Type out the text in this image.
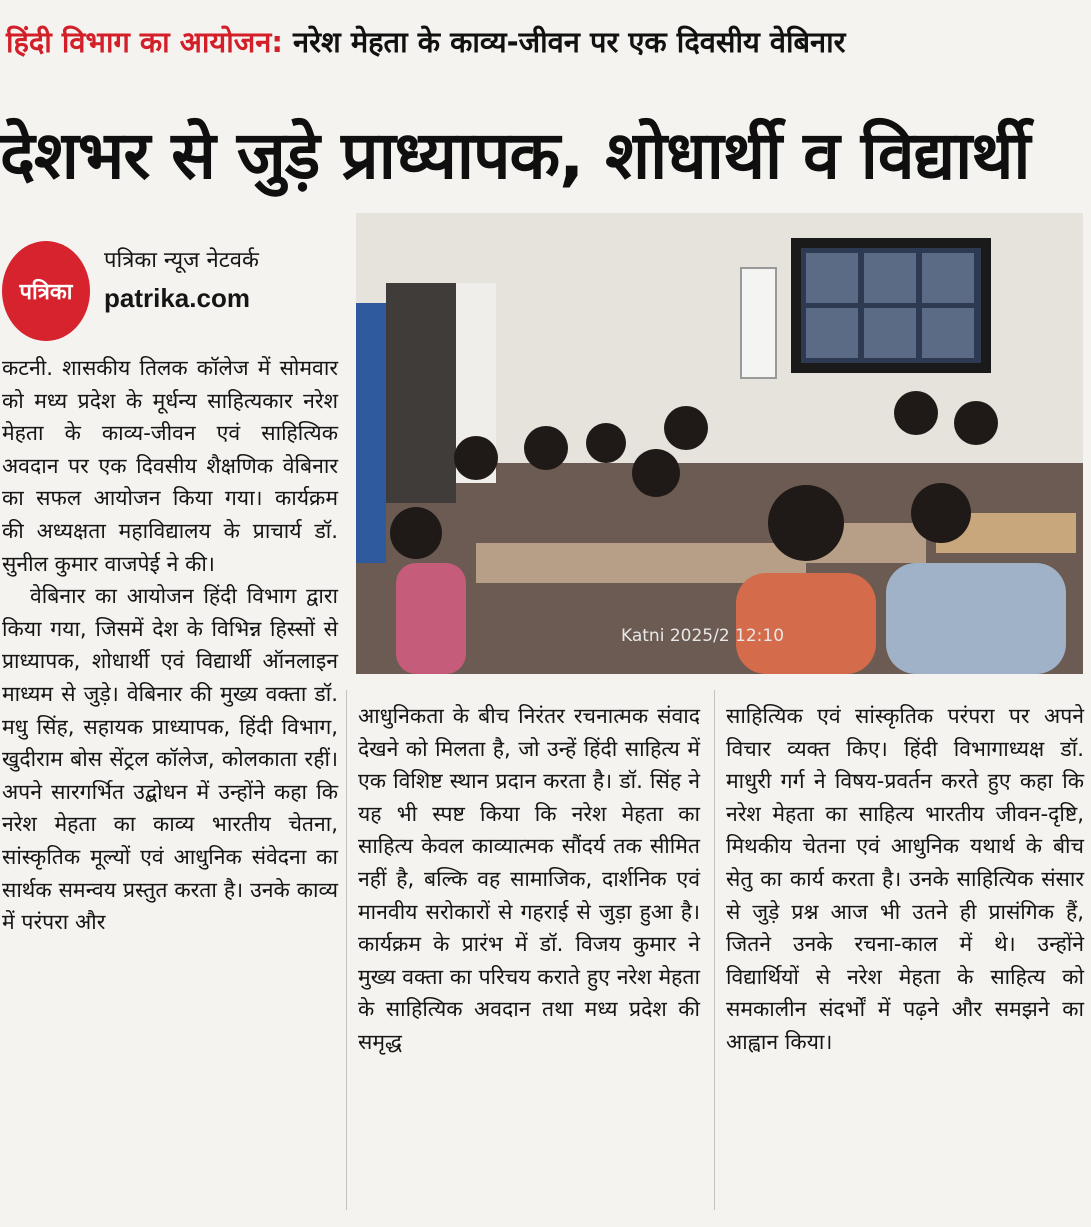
हिंदी विभाग का आयोजन: नरेश मेहता के काव्य-जीवन पर एक दिवसीय वेबिनार
देशभर से जुड़े प्राध्यापक, शोधार्थी व विद्यार्थी
पत्रिका
पत्रिका न्यूज नेटवर्क
patrika.com
Katni 2025/2 12:10

कटनी. शासकीय तिलक कॉलेज में सोमवार को मध्य प्रदेश के मूर्धन्य साहित्यकार नरेश मेहता के काव्य-जीवन एवं साहित्यिक अवदान पर एक दिवसीय शैक्षणिक वेबिनार का सफल आयोजन किया गया। कार्यक्रम की अध्यक्षता महाविद्यालय के प्राचार्य डॉ. सुनील कुमार वाजपेई ने की।

वेबिनार का आयोजन हिंदी विभाग द्वारा किया गया, जिसमें देश के विभिन्न हिस्सों से प्राध्यापक, शोधार्थी एवं विद्यार्थी ऑनलाइन माध्यम से जुड़े। वेबिनार की मुख्य वक्ता डॉ. मधु सिंह, सहायक प्राध्यापक, हिंदी विभाग, खुदीराम बोस सेंट्रल कॉलेज, कोलकाता रहीं। अपने सारगर्भित उद्बोधन में उन्होंने कहा कि नरेश मेहता का काव्य भारतीय चेतना, सांस्कृतिक मूल्यों एवं आधुनिक संवेदना का सार्थक समन्वय प्रस्तुत करता है। उनके काव्य में परंपरा और

आधुनिकता के बीच निरंतर रचनात्मक संवाद देखने को मिलता है, जो उन्हें हिंदी साहित्य में एक विशिष्ट स्थान प्रदान करता है। डॉ. सिंह ने यह भी स्पष्ट किया कि नरेश मेहता का साहित्य केवल काव्यात्मक सौंदर्य तक सीमित नहीं है, बल्कि वह सामाजिक, दार्शनिक एवं मानवीय सरोकारों से गहराई से जुड़ा हुआ है। कार्यक्रम के प्रारंभ में डॉ. विजय कुमार ने मुख्य वक्ता का परिचय कराते हुए नरेश मेहता के साहित्यिक अवदान तथा मध्य प्रदेश की समृद्ध

साहित्यिक एवं सांस्कृतिक परंपरा पर अपने विचार व्यक्त किए। हिंदी विभागाध्यक्ष डॉ. माधुरी गर्ग ने विषय-प्रवर्तन करते हुए कहा कि नरेश मेहता का साहित्य भारतीय जीवन-दृष्टि, मिथकीय चेतना एवं आधुनिक यथार्थ के बीच सेतु का कार्य करता है। उनके साहित्यिक संसार से जुड़े प्रश्न आज भी उतने ही प्रासंगिक हैं, जितने उनके रचना-काल में थे। उन्होंने विद्यार्थियों से नरेश मेहता के साहित्य को समकालीन संदर्भों में पढ़ने और समझने का आह्वान किया।
